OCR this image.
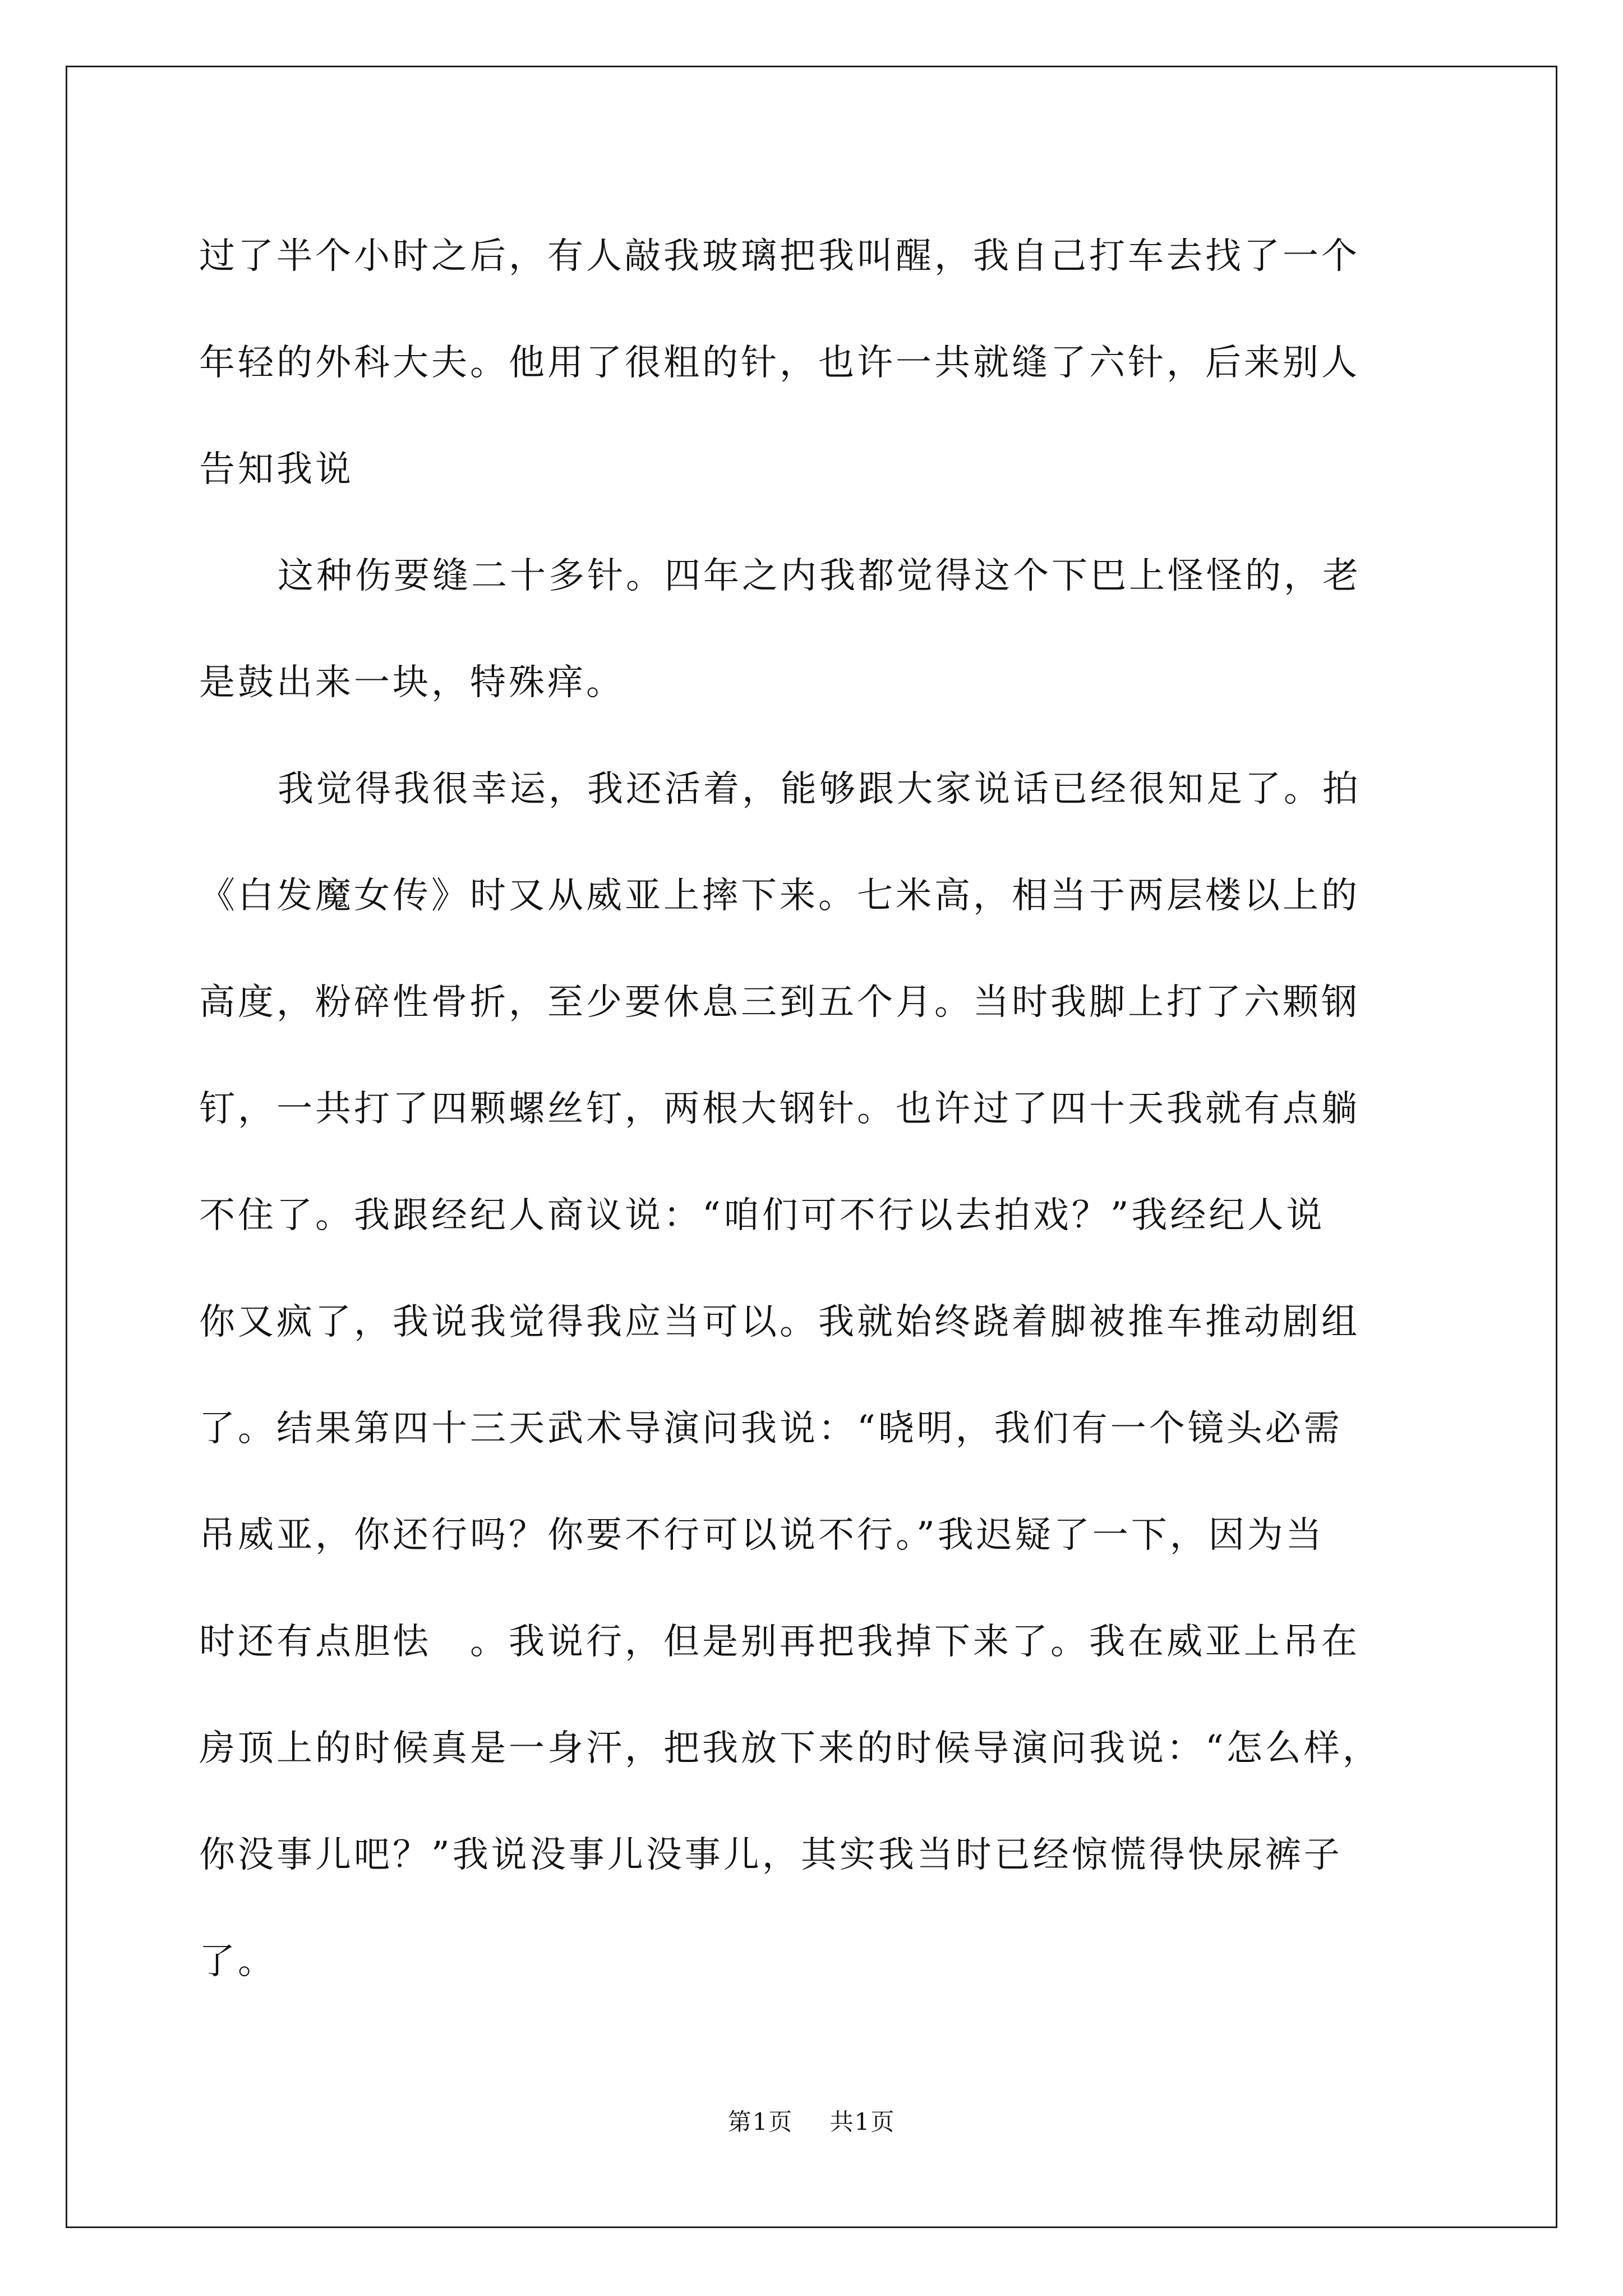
过了半个小时之后，有人敲我玻璃把我叫醒，我自己打车去找了一个
年轻的外科大夫。他用了很粗的针，也许一共就缝了六针，后来别人
告知我说

这种伤要缝二十多针。四年之内我都觉得这个下巴上怪怪的，老
是鼓出来一块，特殊痒。

我觉得我很幸运，我还活着，能够跟大家说话已经很知足了。拍
《白发魔女传》时又从威亚上摔下来。七米高，相当于两层楼以上的
高度，粉碎性骨折，至少要休息三到五个月。当时我脚上打了六颗钢
钉，一共打了四颗螺丝钉，两根大钢针。也许过了四十天我就有点躺
不住了。我跟经纪人商议说：“咱们可不行以去拍戏？”我经纪人说
你又疯了，我说我觉得我应当可以。我就始终跷着脚被推车推动剧组
了。结果第四十三天武术导演问我说：“晓明，我们有一个镜头必需
吊威亚，你还行吗？你要不行可以说不行。”我迟疑了一下，因为当
时还有点胆怯　。我说行，但是别再把我掉下来了。我在威亚上吊在
房顶上的时候真是一身汗，把我放下来的时候导演问我说：“怎么样，
你没事儿吧？”我说没事儿没事儿，其实我当时已经惊慌得快尿裤子
了。

第1页 共1页
